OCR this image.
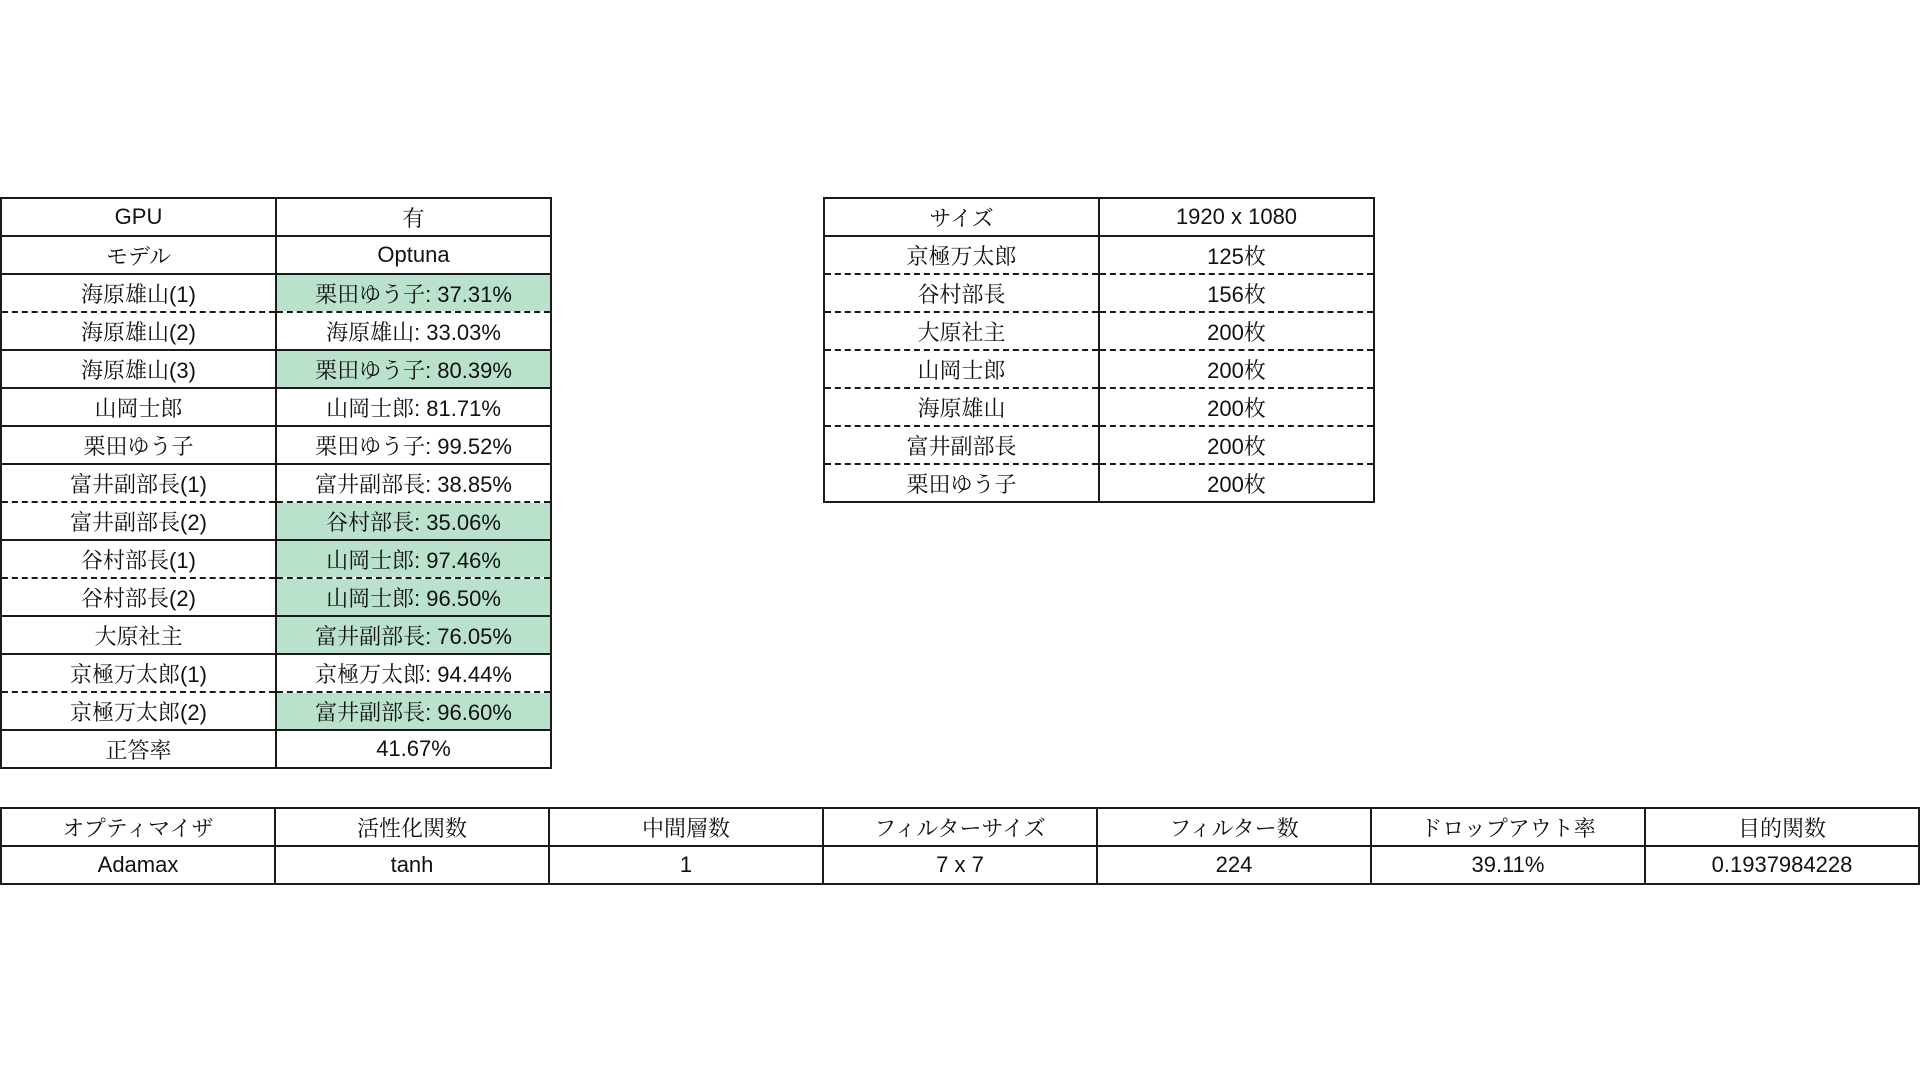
GPU	有
モデル	Optuna
海原雄山(1)	栗田ゆう子: 37.31%
海原雄山(2)	海原雄山: 33.03%
海原雄山(3)	栗田ゆう子: 80.39%
山岡士郎	山岡士郎: 81.71%
栗田ゆう子	栗田ゆう子: 99.52%
富井副部長(1)	富井副部長: 38.85%
富井副部長(2)	谷村部長: 35.06%
谷村部長(1)	山岡士郎: 97.46%
谷村部長(2)	山岡士郎: 96.50%
大原社主	富井副部長: 76.05%
京極万太郎(1)	京極万太郎: 94.44%
京極万太郎(2)	富井副部長: 96.60%
正答率	41.67%
サイズ	1920 x 1080
京極万太郎	125枚
谷村部長	156枚
大原社主	200枚
山岡士郎	200枚
海原雄山	200枚
富井副部長	200枚
栗田ゆう子	200枚
オプティマイザ	活性化関数	中間層数	フィルターサイズ	フィルター数	ドロップアウト率	目的関数
Adamax	tanh	1	7 x 7	224	39.11%	0.1937984228
